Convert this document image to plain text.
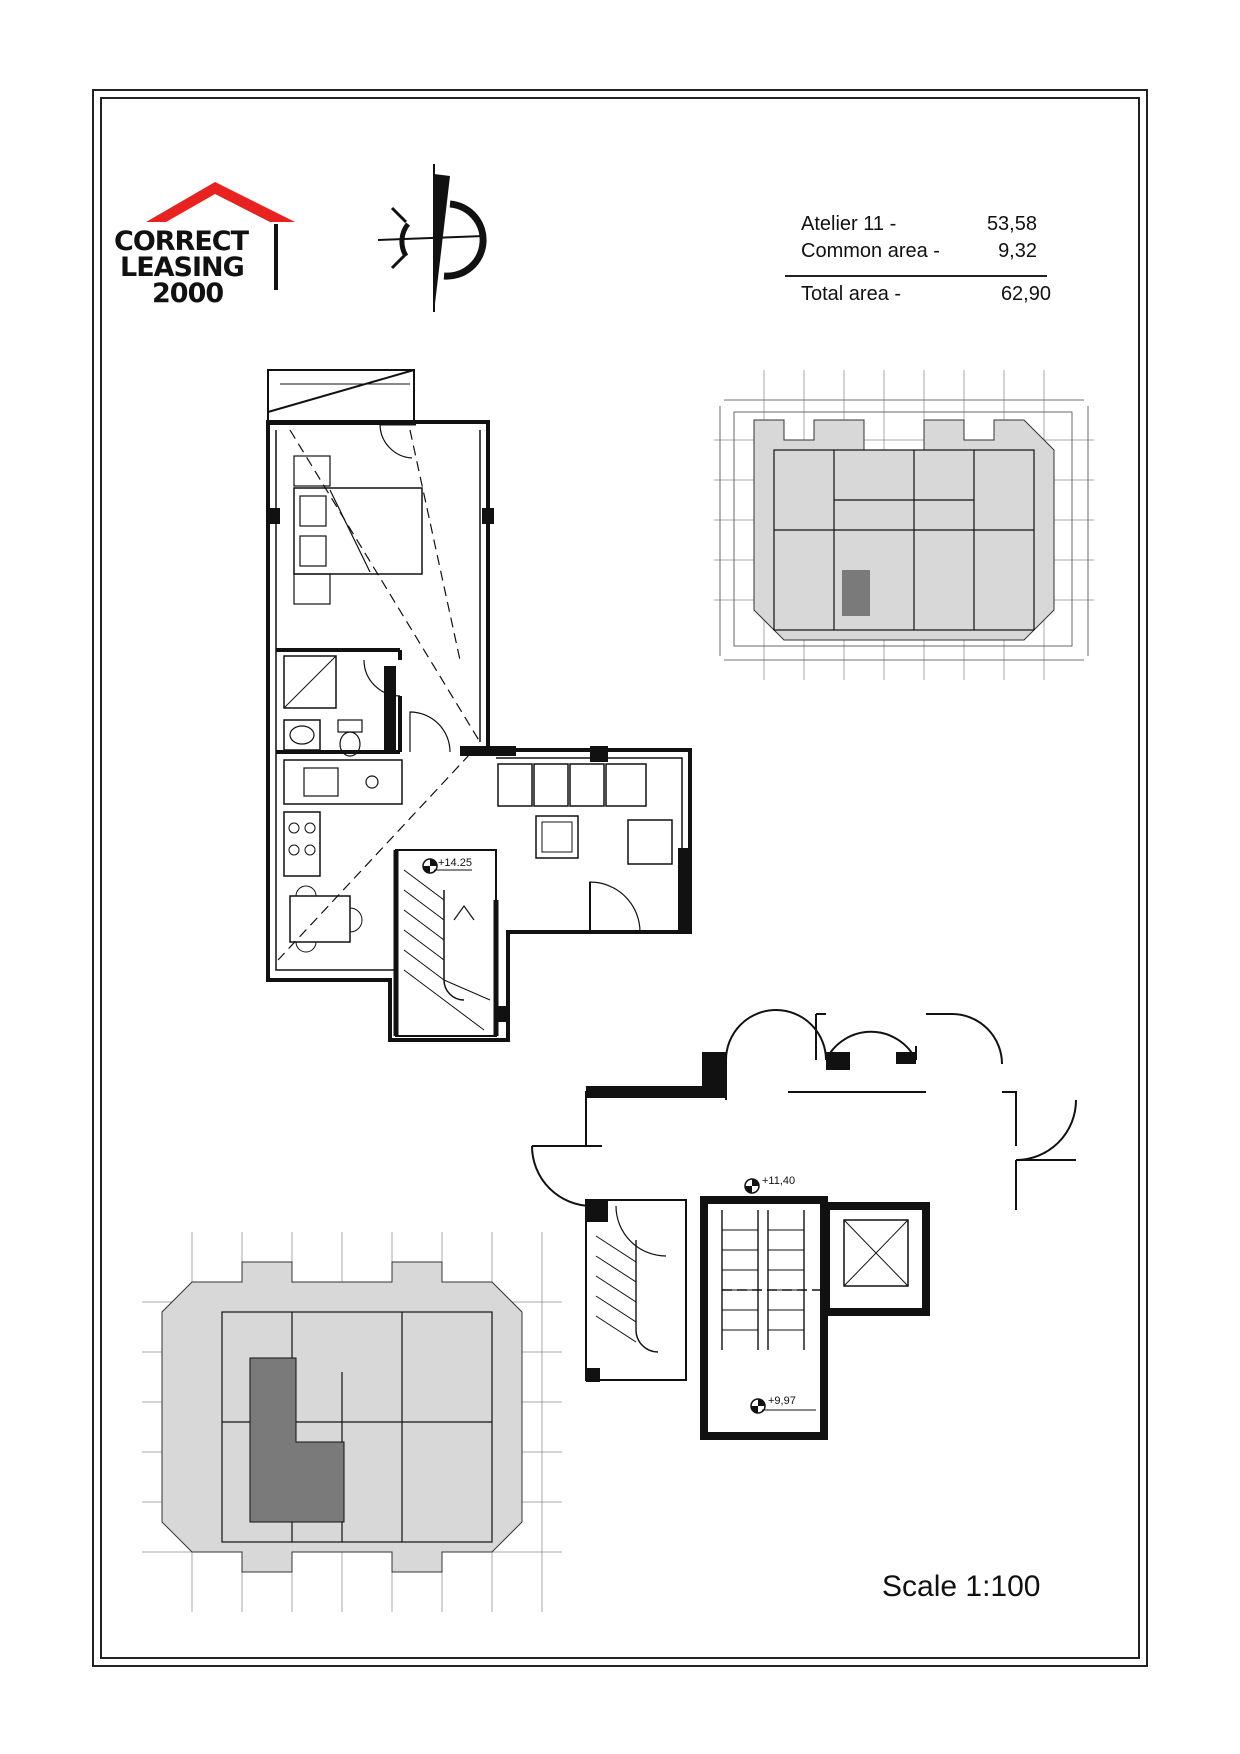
CORRECT
LEASING
2000
Atelier 11 -	53,58
Common area -	9,32
Total area -	62,90
+14.25
+11,40
+9,97
Scale 1:100
